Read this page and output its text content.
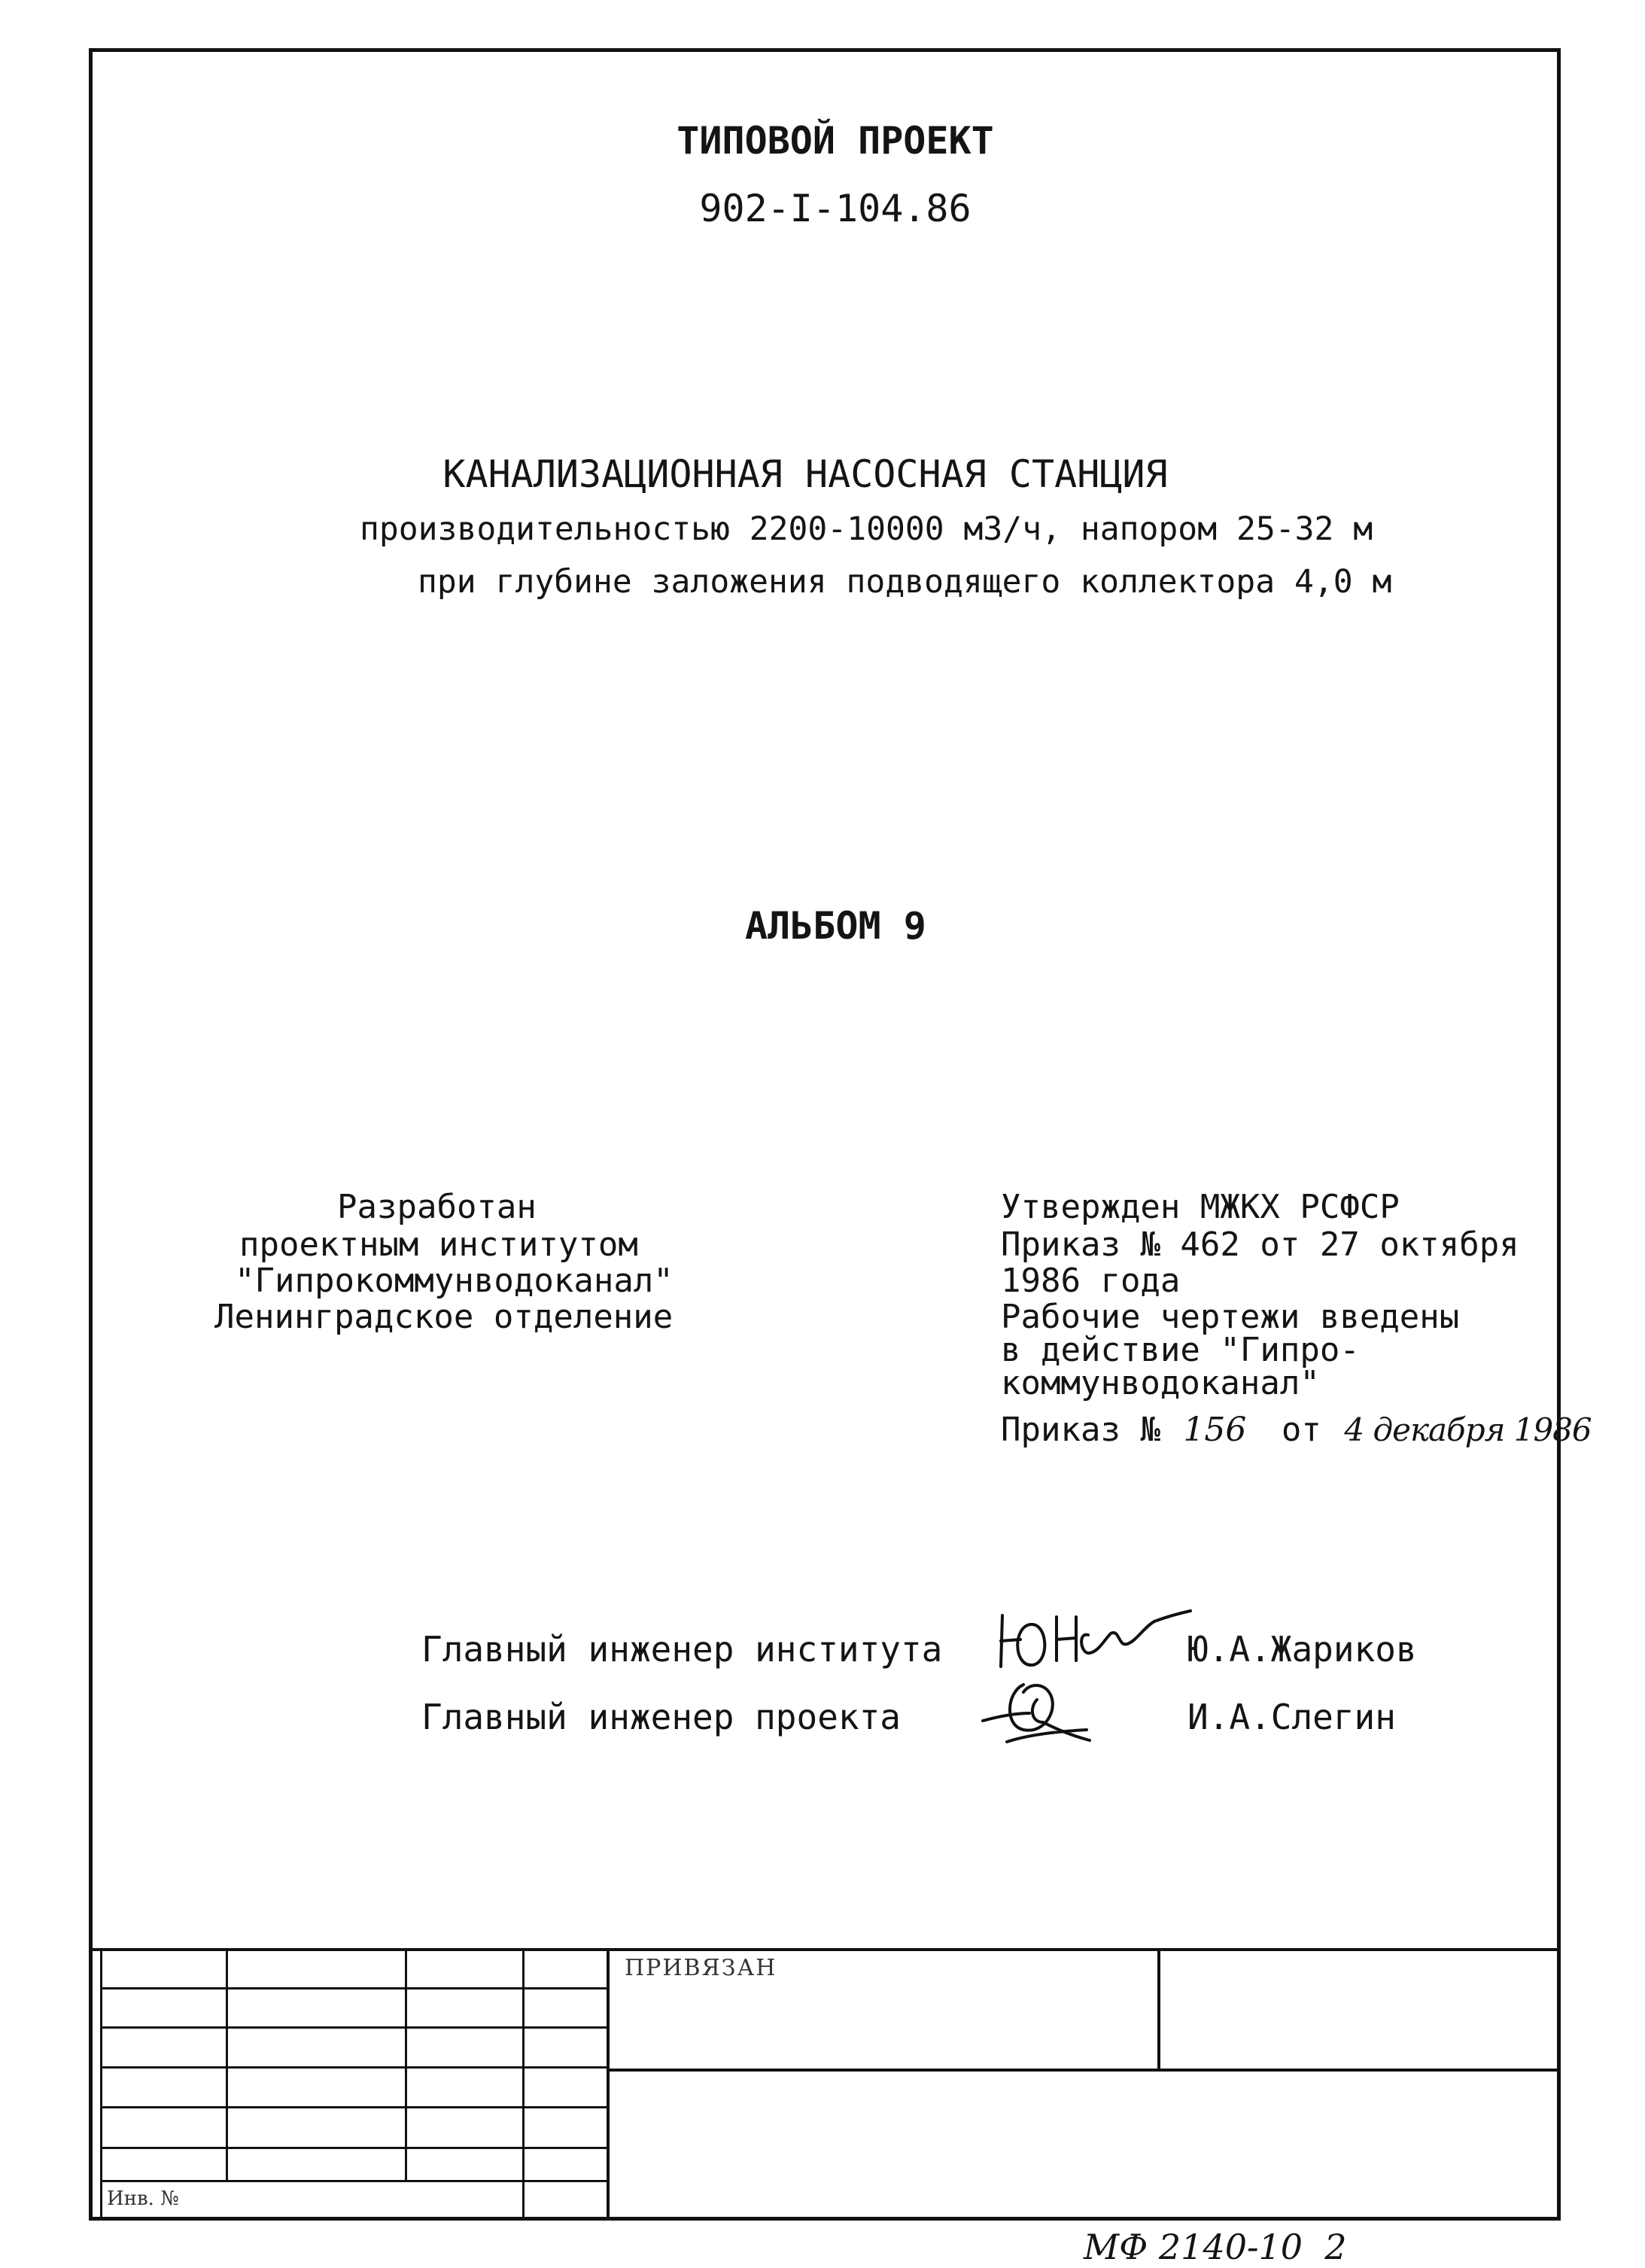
ТИПОВОЙ ПРОЕКТ
902-I-104.86
КАНАЛИЗАЦИОННАЯ НАСОСНАЯ СТАНЦИЯ
производительностью 2200-10000 м3/ч, напором 25-32 м
при глубине заложения подводящего коллектора 4,0 м
АЛЬБОМ 9
Разработан
проектным институтом
"Гипрокоммунводоканал"
Ленинградское отделение
Утвержден МЖКХ РСФСР
Приказ № 462 от 27 октября
1986 года
Рабочие чертежи введены
в действие "Гипро-
коммунводоканал"
Приказ № 156 от 4 декабря 1986
Главный инженер института	Ю.А.Жариков
Главный инженер проекта	И.А.Слегин
ПРИВЯЗАН
Инв. №
МФ 2140-10  2
